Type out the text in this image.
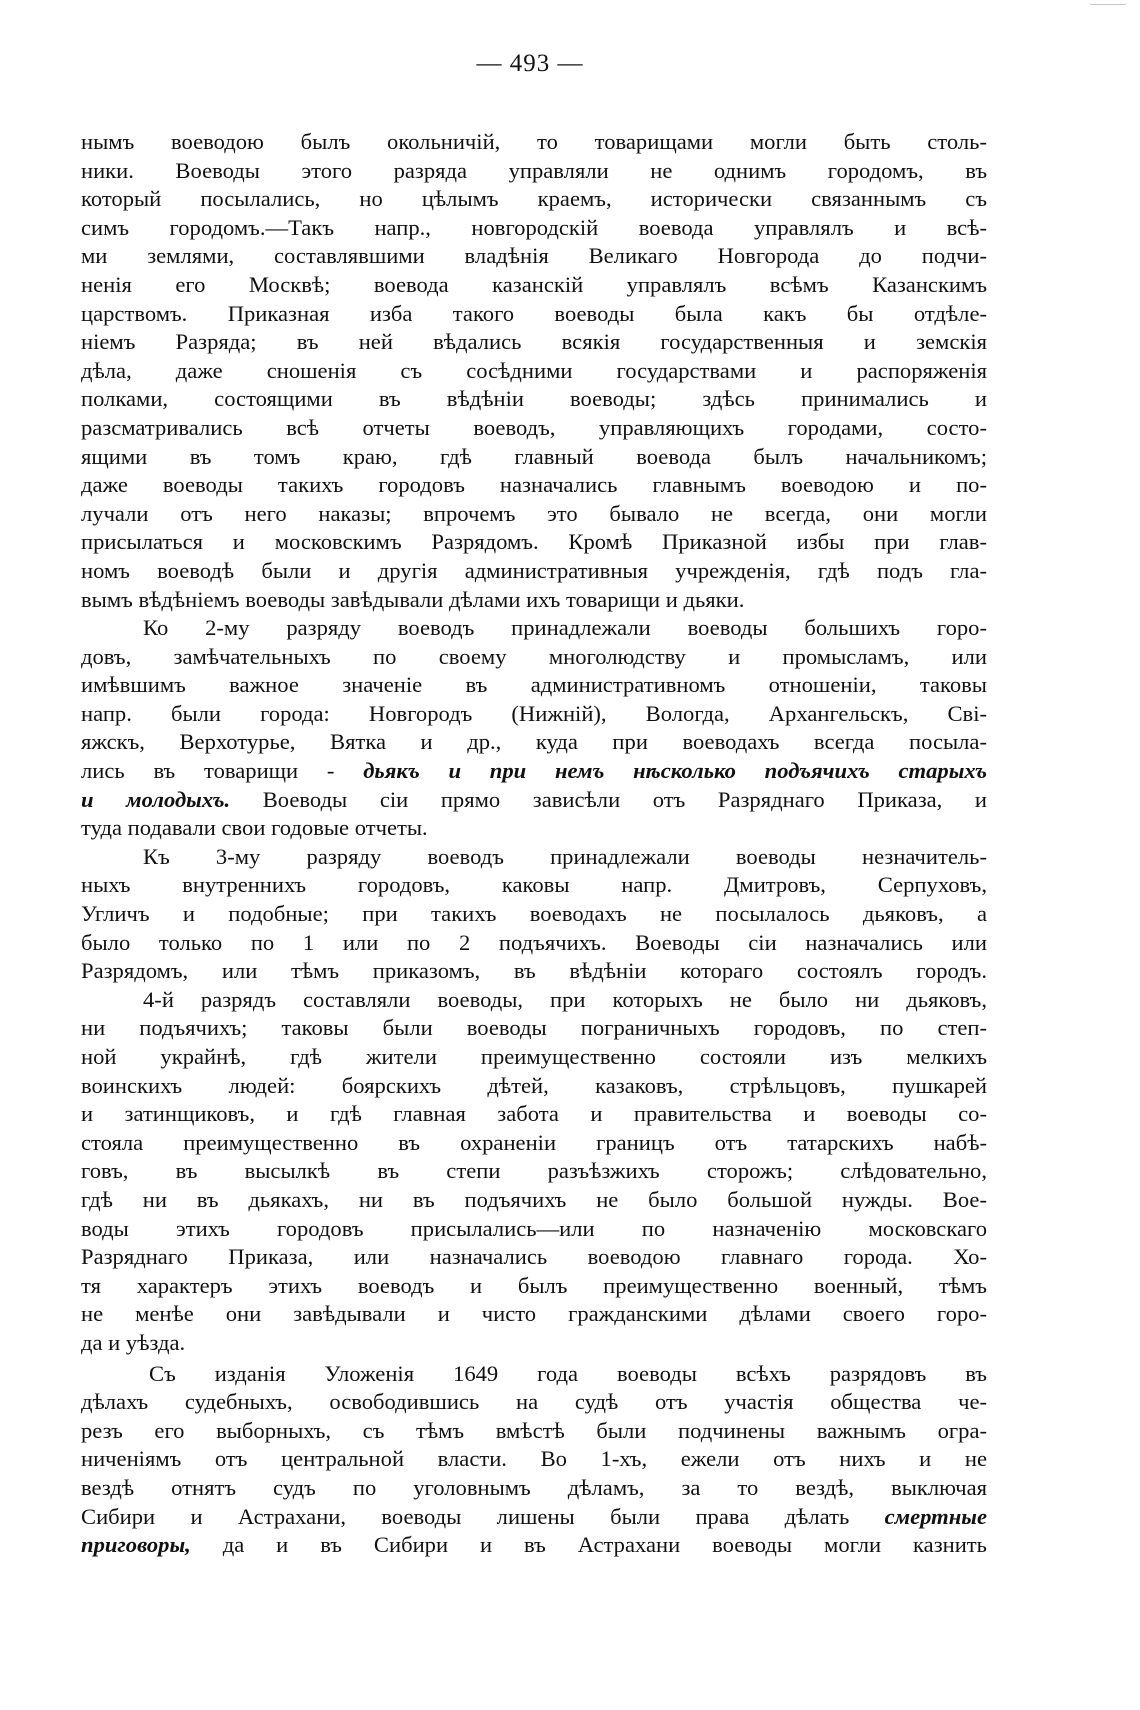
— 493 —
нымъ воеводою былъ окольничій, то товарищами могли быть столь-
ники. Воеводы этого разряда управляли не однимъ городомъ, въ
который посылались, но цѣлымъ краемъ, исторически связаннымъ съ
симъ городомъ.—Такъ напр., новгородскій воевода управлялъ и всѣ-
ми землями, составлявшими владѣнія Великаго Новгорода до подчи-
ненія его Москвѣ; воевода казанскій управлялъ всѣмъ Казанскимъ
царствомъ. Приказная изба такого воеводы была какъ бы отдѣле-
ніемъ Разряда; въ ней вѣдались всякія государственныя и земскія
дѣла, даже сношенія съ сосѣдними государствами и распоряженія
полками, состоящими въ вѣдѣніи воеводы; здѣсь принимались и
разсматривались всѣ отчеты воеводъ, управляющихъ городами, состо-
ящими въ томъ краю, гдѣ главный воевода былъ начальникомъ;
даже воеводы такихъ городовъ назначались главнымъ воеводою и по-
лучали отъ него наказы; впрочемъ это бывало не всегда, они могли
присылаться и московскимъ Разрядомъ. Кромѣ Приказной избы при глав-
номъ воеводѣ были и другія административныя учрежденія, гдѣ подъ гла-
вымъ вѣдѣніемъ воеводы завѣдывали дѣлами ихъ товарищи и дьяки.
Ко 2-му разряду воеводъ принадлежали воеводы большихъ горо-
довъ, замѣчательныхъ по своему многолюдству и промысламъ, или
имѣвшимъ важное значеніе въ административномъ отношеніи, таковы
напр. были города: Новгородъ (Нижній), Вологда, Архангельскъ, Сві-
яжскъ, Верхотурье, Вятка и др., куда при воеводахъ всегда посыла-
лись въ товарищи - дьякъ и при немъ нѣсколько подъячихъ старыхъ
и молодыхъ. Воеводы сіи прямо зависѣли отъ Разряднаго Приказа, и
туда подавали свои годовые отчеты.
Къ 3-му разряду воеводъ принадлежали воеводы незначитель-
ныхъ внутреннихъ городовъ, каковы напр. Дмитровъ, Серпуховъ,
Угличъ и подобные; при такихъ воеводахъ не посылалось дьяковъ, а
было только по 1 или по 2 подъячихъ. Воеводы сіи назначались или
Разрядомъ, или тѣмъ приказомъ, въ вѣдѣніи котораго состоялъ городъ.
4-й разрядъ составляли воеводы, при которыхъ не было ни дьяковъ,
ни подъячихъ; таковы были воеводы пограничныхъ городовъ, по степ-
ной украйнѣ, гдѣ жители преимущественно состояли изъ мелкихъ
воинскихъ людей: боярскихъ дѣтей, казаковъ, стрѣльцовъ, пушкарей
и затинщиковъ, и гдѣ главная забота и правительства и воеводы со-
стояла преимущественно въ охраненіи границъ отъ татарскихъ набѣ-
говъ, въ высылкѣ въ степи разъѣзжихъ сторожъ; слѣдовательно,
гдѣ ни въ дьякахъ, ни въ подъячихъ не было большой нужды. Вое-
воды этихъ городовъ присылались—или по назначенію московскаго
Разряднаго Приказа, или назначались воеводою главнаго города. Хо-
тя характеръ этихъ воеводъ и былъ преимущественно военный, тѣмъ
не менѣе они завѣдывали и чисто гражданскими дѣлами своего горо-
да и уѣзда.
Съ изданія Уложенія 1649 года воеводы всѣхъ разрядовъ въ
дѣлахъ судебныхъ, освободившись на судѣ отъ участія общества че-
резъ его выборныхъ, съ тѣмъ вмѣстѣ были подчинены важнымъ огра-
ниченіямъ отъ центральной власти. Во 1-хъ, ежели отъ нихъ и не
вездѣ отнятъ судъ по уголовнымъ дѣламъ, за то вездѣ, выключая
Сибири и Астрахани, воеводы лишены были права дѣлать смертные
приговоры, да и въ Сибири и въ Астрахани воеводы могли казнить
